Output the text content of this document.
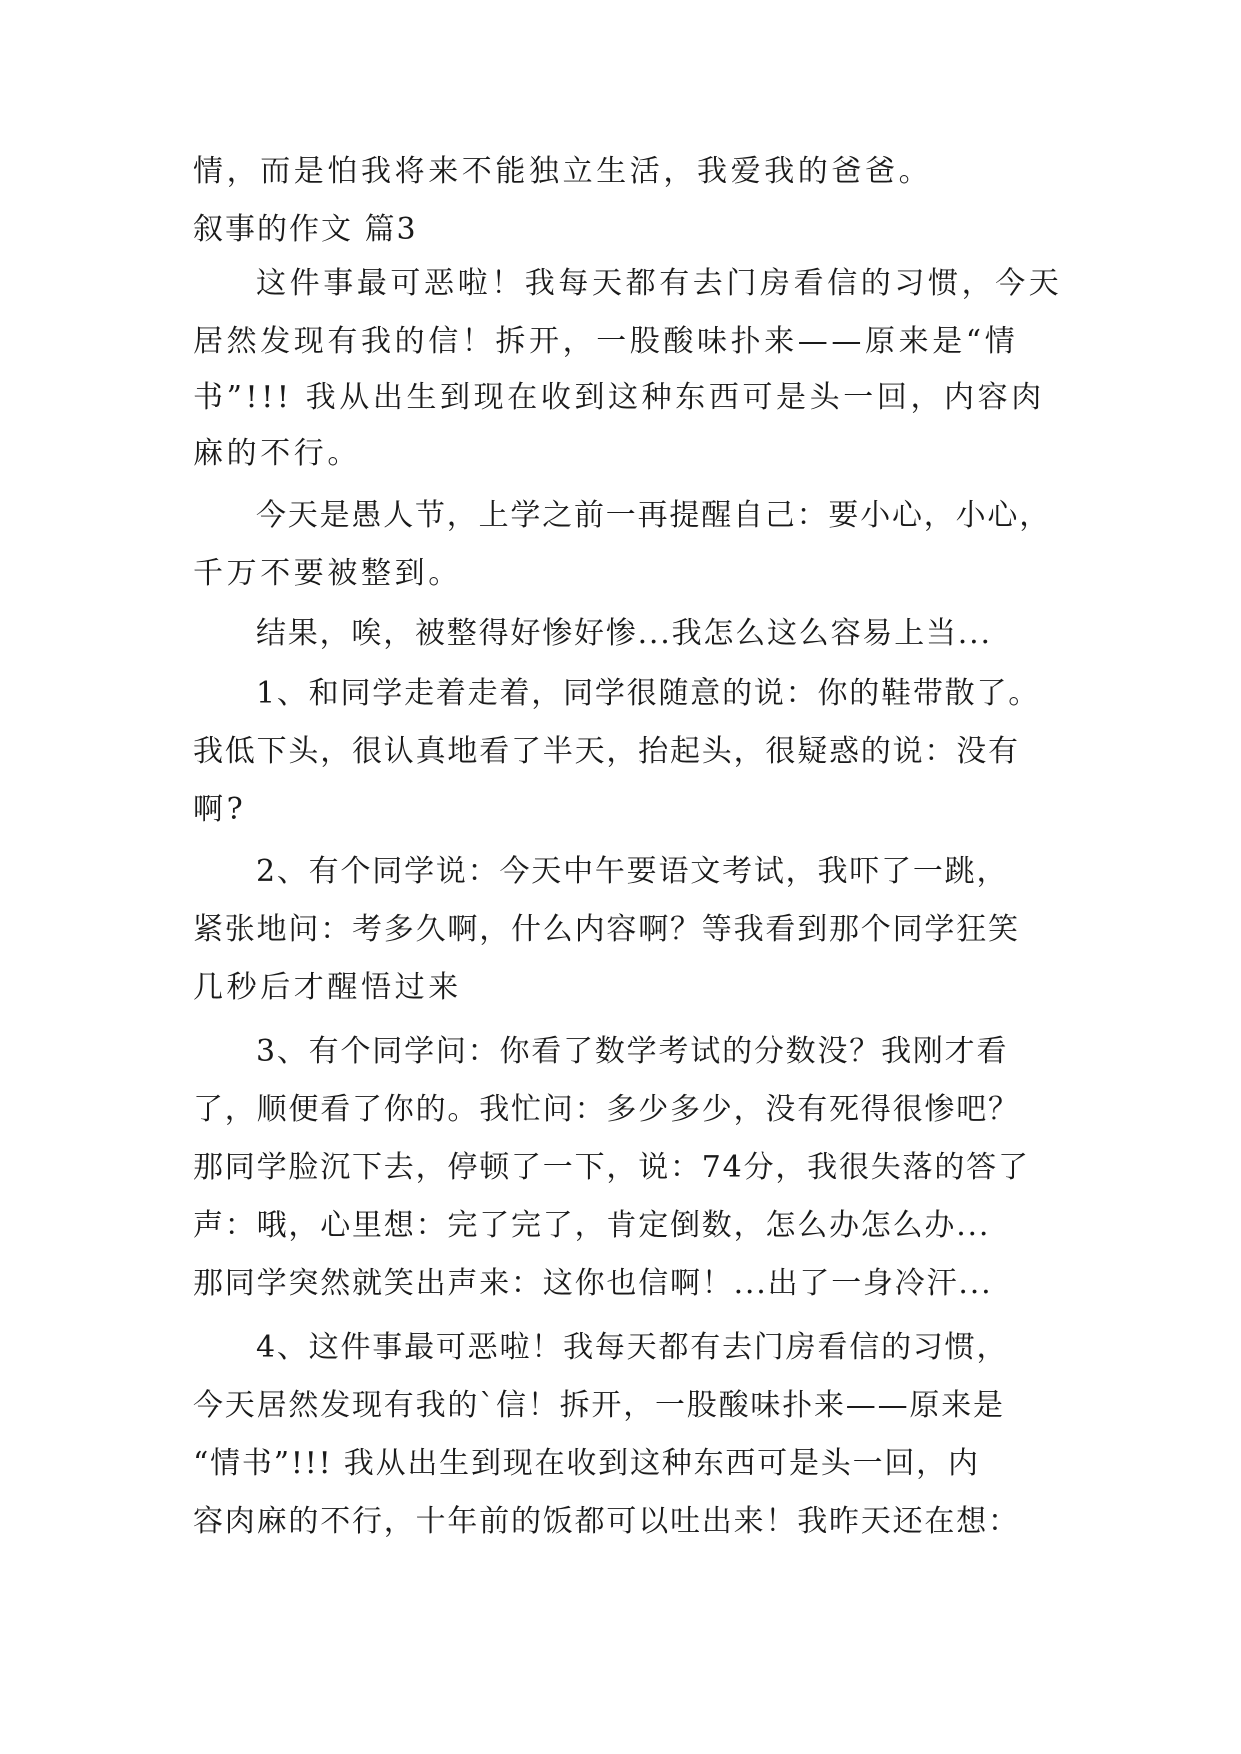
情，而是怕我将来不能独立生活，我爱我的爸爸。
叙事的作文 篇3
这件事最可恶啦！我每天都有去门房看信的习惯，今天
居然发现有我的信！拆开，一股酸味扑来——原来是“情
书”!!! 我从出生到现在收到这种东西可是头一回，内容肉
麻的不行。
今天是愚人节，上学之前一再提醒自己：要小心，小心，
千万不要被整到。
结果，唉，被整得好惨好惨...我怎么这么容易上当...
1、和同学走着走着，同学很随意的说：你的鞋带散了。
我低下头，很认真地看了半天，抬起头，很疑惑的说：没有
啊?
2、有个同学说：今天中午要语文考试，我吓了一跳，
紧张地问：考多久啊，什么内容啊？等我看到那个同学狂笑
几秒后才醒悟过来
3、有个同学问：你看了数学考试的分数没？我刚才看
了，顺便看了你的。我忙问：多少多少，没有死得很惨吧？
那同学脸沉下去，停顿了一下，说：74分，我很失落的答了
声：哦，心里想：完了完了，肯定倒数，怎么办怎么办...
那同学突然就笑出声来：这你也信啊！...出了一身冷汗...
4、这件事最可恶啦！我每天都有去门房看信的习惯，
今天居然发现有我的`信！拆开，一股酸味扑来——原来是
“情书”!!! 我从出生到现在收到这种东西可是头一回，内
容肉麻的不行，十年前的饭都可以吐出来！我昨天还在想：
